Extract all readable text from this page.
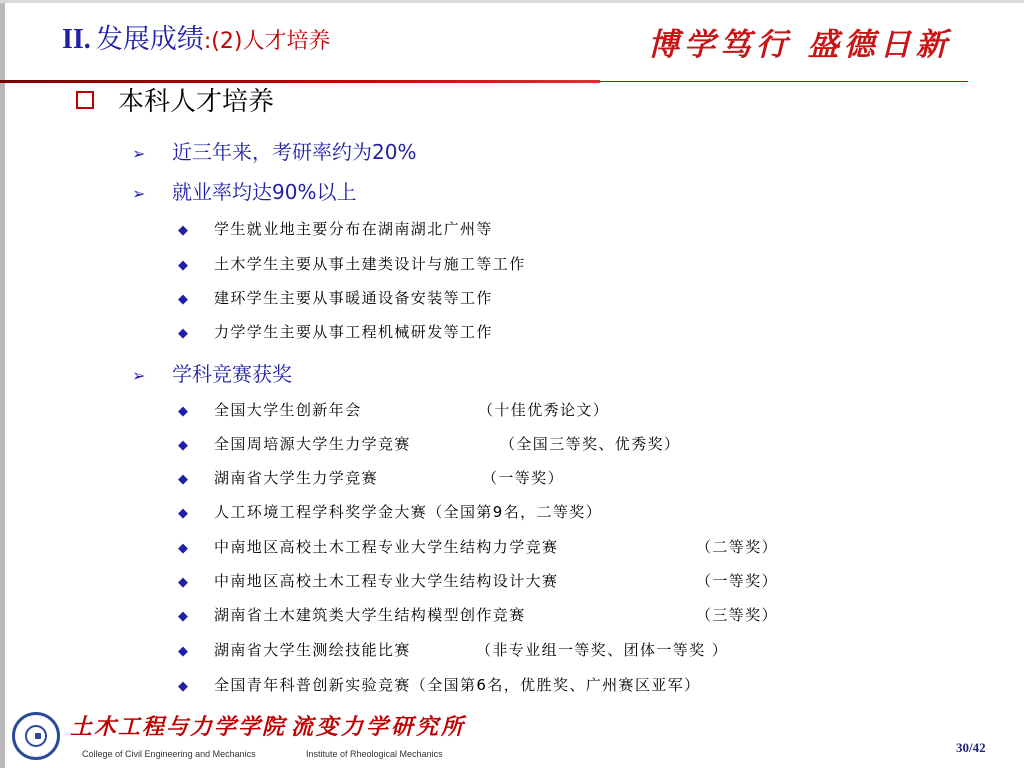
II. 发展成绩:(2)人才培养	博学笃行 盛德日新
本科人才培养
➢ 近三年来，考研率约为20%
➢ 就业率均达90%以上
◆ 学生就业地主要分布在湖南湖北广州等
◆ 土木学生主要从事土建类设计与施工等工作
◆ 建环学生主要从事暖通设备安装等工作
◆ 力学学生主要从事工程机械研发等工作
➢ 学科竞赛获奖
◆ 全国大学生创新年会	（十佳优秀论文）
◆ 全国周培源大学生力学竞赛	（全国三等奖、优秀奖）
◆ 湖南省大学生力学竞赛	（一等奖）
◆ 人工环境工程学科奖学金大赛（全国第9名，二等奖）
◆ 中南地区高校土木工程专业大学生结构力学竞赛	（二等奖）
◆ 中南地区高校土木工程专业大学生结构设计大赛	（一等奖）
◆ 湖南省土木建筑类大学生结构模型创作竞赛	（三等奖）
◆ 湖南省大学生测绘技能比赛	（非专业组一等奖、团体一等奖 ）
◆ 全国青年科普创新实验竞赛（全国第6名，优胜奖、广州赛区亚军）
土木工程与力学学院
College of Civil Engineering and Mechanics
流变力学研究所
Institute of Rheological Mechanics	30/42
